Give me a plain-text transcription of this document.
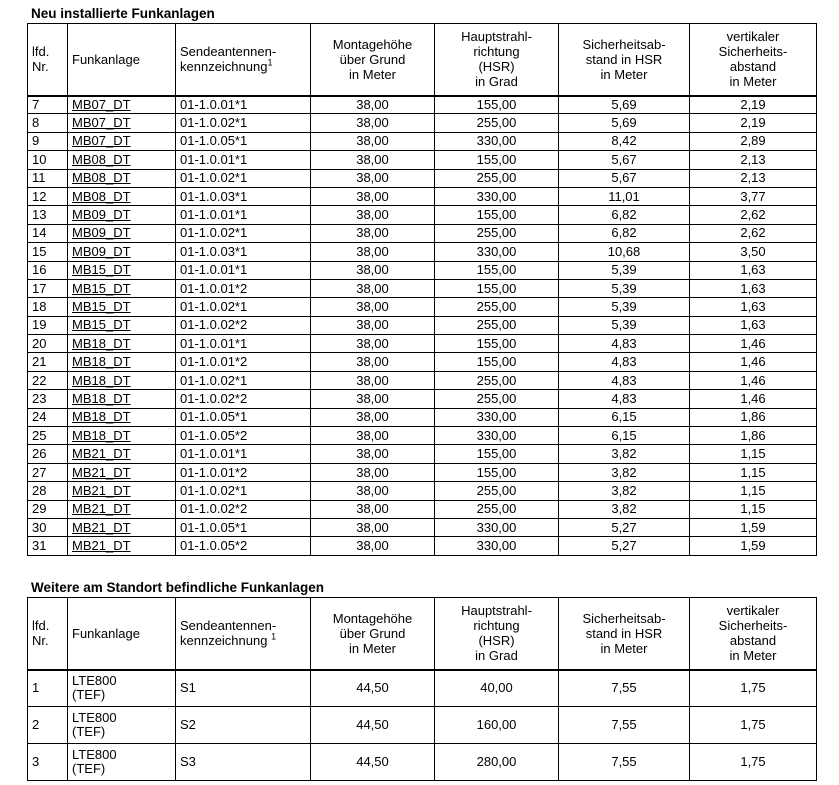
Neu installierte Funkanlagen
lfd.
Nr.	Funkanlage	Sendeantennen-
kennzeichnung$^1$	Montagehöhe
über Grund
in Meter	Hauptstrahl-
richtung
(HSR)
in Grad	Sicherheitsab-
stand in HSR
in Meter	vertikaler
Sicherheits-
abstand
in Meter
7	MB07_DT	01-1.0.01*1	38,00	155,00	5,69	2,19
8	MB07_DT	01-1.0.02*1	38,00	255,00	5,69	2,19
9	MB07_DT	01-1.0.05*1	38,00	330,00	8,42	2,89
10	MB08_DT	01-1.0.01*1	38,00	155,00	5,67	2,13
11	MB08_DT	01-1.0.02*1	38,00	255,00	5,67	2,13
12	MB08_DT	01-1.0.03*1	38,00	330,00	11,01	3,77
13	MB09_DT	01-1.0.01*1	38,00	155,00	6,82	2,62
14	MB09_DT	01-1.0.02*1	38,00	255,00	6,82	2,62
15	MB09_DT	01-1.0.03*1	38,00	330,00	10,68	3,50
16	MB15_DT	01-1.0.01*1	38,00	155,00	5,39	1,63
17	MB15_DT	01-1.0.01*2	38,00	155,00	5,39	1,63
18	MB15_DT	01-1.0.02*1	38,00	255,00	5,39	1,63
19	MB15_DT	01-1.0.02*2	38,00	255,00	5,39	1,63
20	MB18_DT	01-1.0.01*1	38,00	155,00	4,83	1,46
21	MB18_DT	01-1.0.01*2	38,00	155,00	4,83	1,46
22	MB18_DT	01-1.0.02*1	38,00	255,00	4,83	1,46
23	MB18_DT	01-1.0.02*2	38,00	255,00	4,83	1,46
24	MB18_DT	01-1.0.05*1	38,00	330,00	6,15	1,86
25	MB18_DT	01-1.0.05*2	38,00	330,00	6,15	1,86
26	MB21_DT	01-1.0.01*1	38,00	155,00	3,82	1,15
27	MB21_DT	01-1.0.01*2	38,00	155,00	3,82	1,15
28	MB21_DT	01-1.0.02*1	38,00	255,00	3,82	1,15
29	MB21_DT	01-1.0.02*2	38,00	255,00	3,82	1,15
30	MB21_DT	01-1.0.05*1	38,00	330,00	5,27	1,59
31	MB21_DT	01-1.0.05*2	38,00	330,00	5,27	1,59
Weitere am Standort befindliche Funkanlagen
lfd.
Nr.	Funkanlage	Sendeantennen-
kennzeichnung $^1$	Montagehöhe
über Grund
in Meter	Hauptstrahl-
richtung
(HSR)
in Grad	Sicherheitsab-
stand in HSR
in Meter	vertikaler
Sicherheits-
abstand
in Meter
1	LTE800
(TEF)	S1	44,50	40,00	7,55	1,75
2	LTE800
(TEF)	S2	44,50	160,00	7,55	1,75
3	LTE800
(TEF)	S3	44,50	280,00	7,55	1,75
